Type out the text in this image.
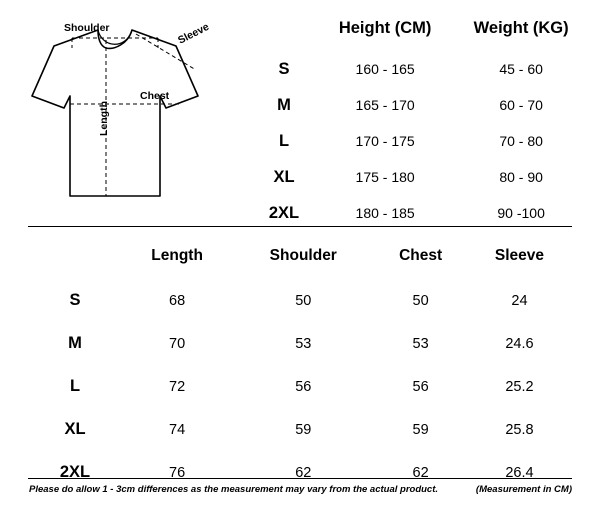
Shoulder	Sleeve
Chest
Length
	Height (CM)	Weight (KG)
S	160 - 165	45 - 60
M	165 - 170	60 - 70
L	170 - 175	70 - 80
XL	175 - 180	80 - 90
2XL	180 - 185	90 -100
	Length	Shoulder	Chest	Sleeve
S	68	50	50	24
M	70	53	53	24.6
L	72	56	56	25.2
XL	74	59	59	25.8
2XL	76	62	62	26.4
Please do allow 1 - 3cm differences as the measurement may vary from the actual product.	(Measurement in CM)
